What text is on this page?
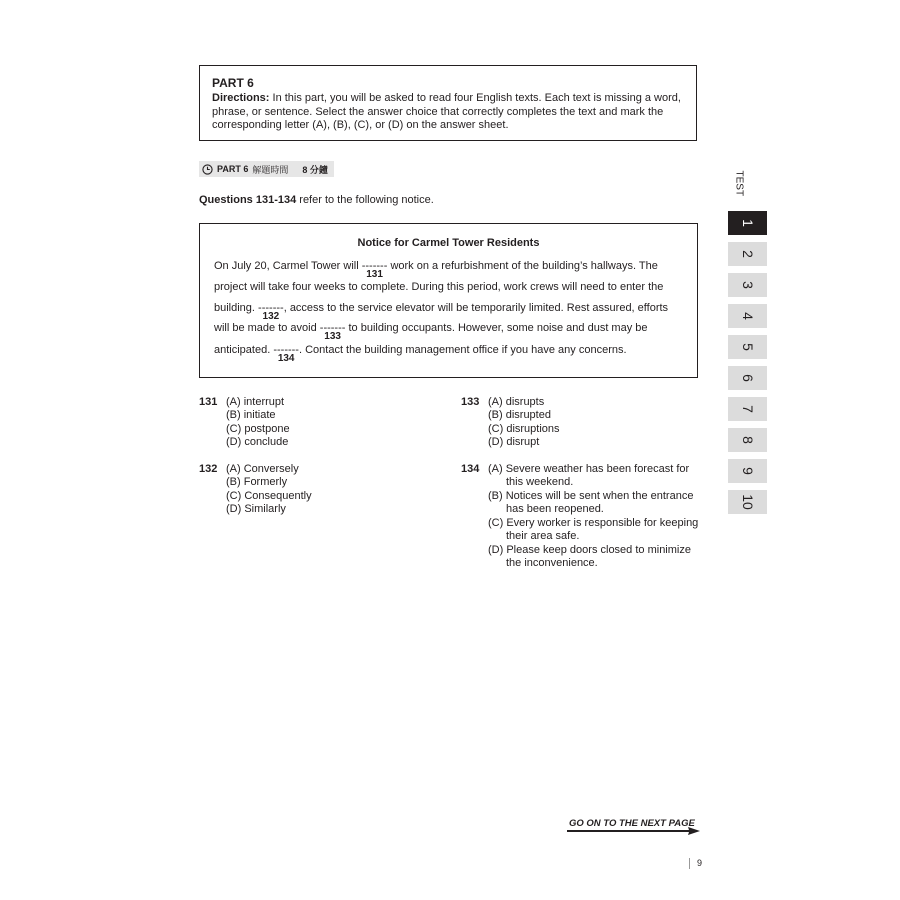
PART 6

Directions: In this part, you will be asked to read four English texts. Each text is missing a word, phrase, or sentence. Select the answer choice that correctly completes the text and mark the corresponding letter (A), (B), (C), or (D) on the answer sheet.

PART 6 解題時間 8 分鐘
Questions 131-134 refer to the following notice.
Notice for Carmel Tower Residents
On July 20, Carmel Tower will -------
131
work on a refurbishment of the building’s hallways. The
project will take four weeks to complete. During this period, work crews will need to enter the
building. -------
132
, access to the service elevator will be temporarily limited. Rest assured, efforts
will be made to avoid -------
133
to building occupants. However, some noise and dust may be
anticipated. -------
134
. Contact the building management office if you have any concerns.
131 (A) interrupt
(B) initiate
(C) postpone
(D) conclude
132 (A) Conversely
(B) Formerly
(C) Consequently
(D) Similarly
133 (A) disrupts
(B) disrupted
(C) disruptions
(D) disrupt
134 (A) Severe weather has been forecast for
this weekend.
(B) Notices will be sent when the entrance
has been reopened.
(C) Every worker is responsible for keeping
their area safe.
(D) Please keep doors closed to minimize
the inconvenience.
TEST
1
2
3
4
5
6
7
8
9
10
GO ON TO THE NEXT PAGE
9
